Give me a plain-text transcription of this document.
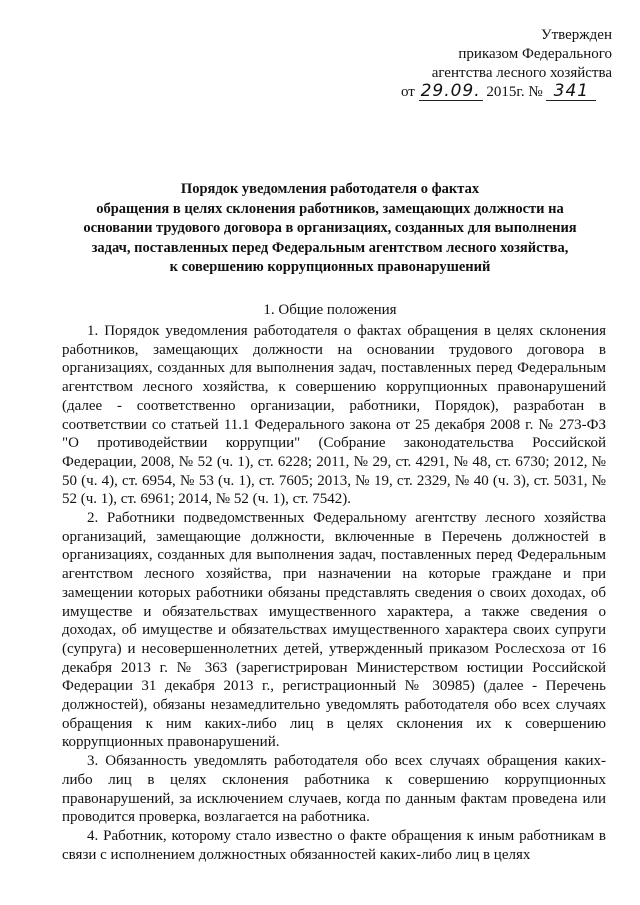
Утвержден
приказом Федерального
агентства лесного хозяйства
от 29.09. 2015г. № 341
Порядок уведомления работодателя о фактах
обращения в целях склонения работников, замещающих должности на
основании трудового договора в организациях, созданных для выполнения
задач, поставленных перед Федеральным агентством лесного хозяйства,
к совершению коррупционных правонарушений
1. Общие положения

1. Порядок уведомления работодателя о фактах обращения в целях склонения работников, замещающих должности на основании трудового договора в организациях, созданных для выполнения задач, поставленных перед Федеральным агентством лесного хозяйства, к совершению коррупционных правонарушений (далее - соответственно организации, работники, Порядок), разработан в соответствии со статьей 11.1 Федерального закона от 25 декабря 2008 г. № 273-ФЗ "О противодействии коррупции" (Собрание законодательства Российской Федерации, 2008, № 52 (ч. 1), ст. 6228; 2011, № 29, ст. 4291, № 48, ст. 6730; 2012, № 50 (ч. 4), ст. 6954, № 53 (ч. 1), ст. 7605; 2013, № 19, ст. 2329, № 40 (ч. 3), ст. 5031, № 52 (ч. 1), ст. 6961; 2014, № 52 (ч. 1), ст. 7542).

2. Работники подведомственных Федеральному агентству лесного хозяйства организаций, замещающие должности, включенные в Перечень должностей в организациях, созданных для выполнения задач, поставленных перед Федеральным агентством лесного хозяйства, при назначении на которые граждане и при замещении которых работники обязаны представлять сведения о своих доходах, об имуществе и обязательствах имущественного характера, а также сведения о доходах, об имуществе и обязательствах имущественного характера своих супруги (супруга) и несовершеннолетних детей, утвержденный приказом Рослесхоза от 16 декабря 2013 г. № 363 (зарегистрирован Министерством юстиции Российской Федерации 31 декабря 2013 г., регистрационный № 30985) (далее - Перечень должностей), обязаны незамедлительно уведомлять работодателя обо всех случаях обращения к ним каких-либо лиц в целях склонения их к совершению коррупционных правонарушений.

3. Обязанность уведомлять работодателя обо всех случаях обращения каких-либо лиц в целях склонения работника к совершению коррупционных правонарушений, за исключением случаев, когда по данным фактам проведена или проводится проверка, возлагается на работника.

4. Работник, которому стало известно о факте обращения к иным работникам в связи с исполнением должностных обязанностей каких-либо лиц в целях
